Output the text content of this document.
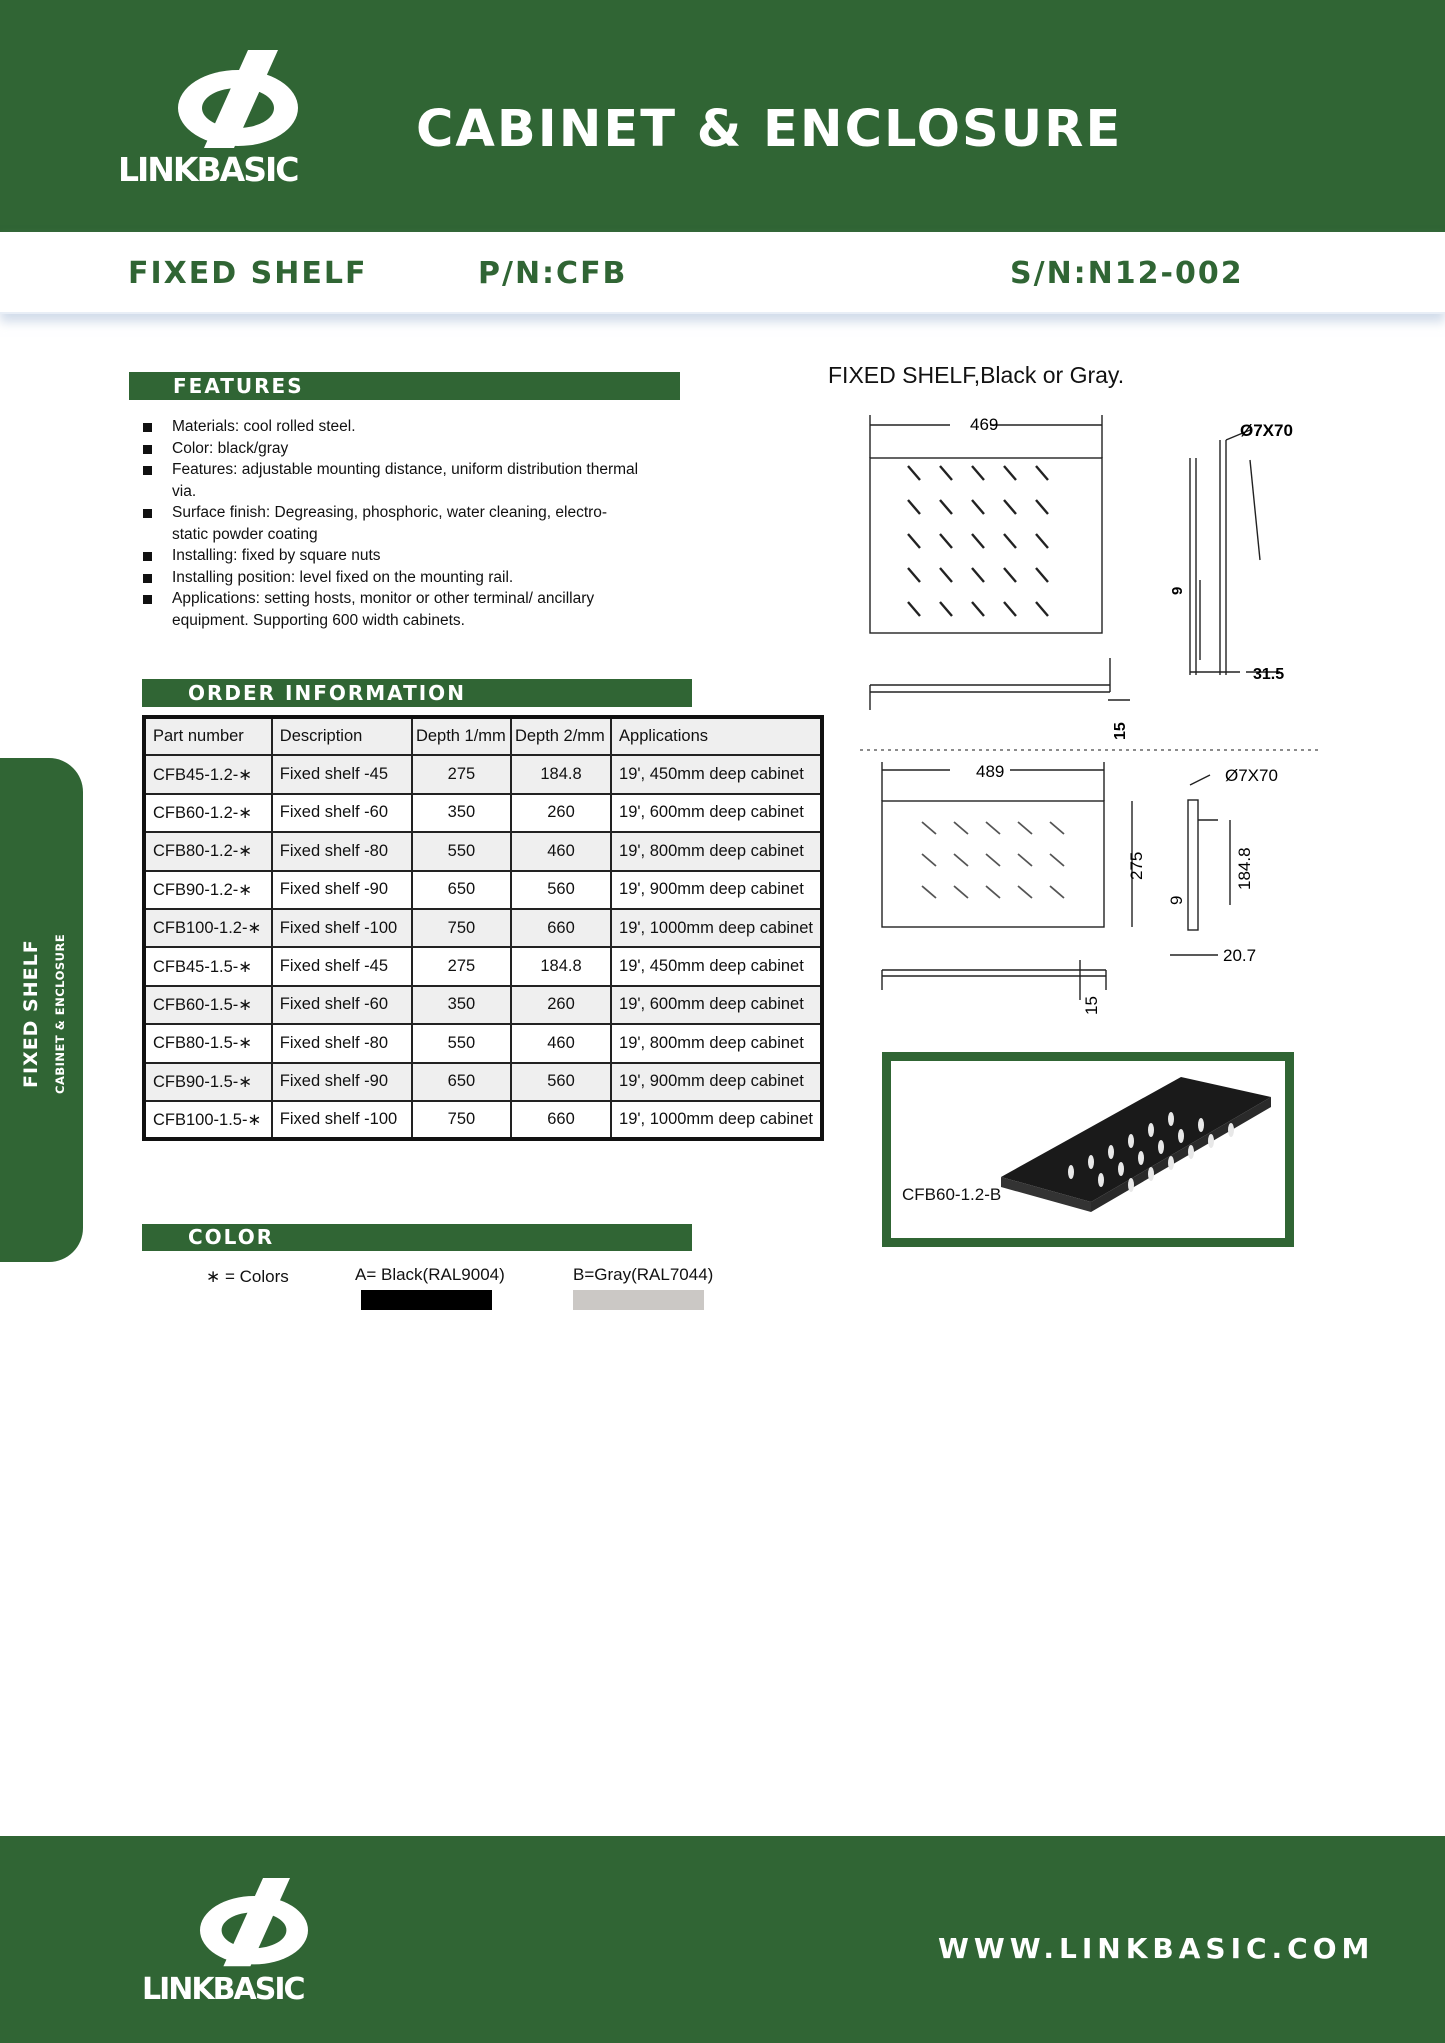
LINKBASIC
CABINET & ENCLOSURE
FIXED SHELF	P/N:CFB	S/N:N12-002
FIXED SHELF CABINET & ENCLOSURE
FEATURES
Materials: cool rolled steel.
Color: black/gray
Features: adjustable mounting distance, uniform distribution thermal via.
Surface finish: Degreasing, phosphoric, water cleaning, electro-static powder coating
Installing: fixed by square nuts
Installing position: level fixed on the mounting rail.
Applications: setting hosts, monitor or other terminal/ ancillary equipment. Supporting 600 width cabinets.
ORDER INFORMATION
Part number	Description	Depth 1/mm	Depth 2/mm	Applications
CFB45-1.2-∗	Fixed shelf -45	275	184.8	19', 450mm deep cabinet
CFB60-1.2-∗	Fixed shelf -60	350	260	19', 600mm deep cabinet
CFB80-1.2-∗	Fixed shelf -80	550	460	19', 800mm deep cabinet
CFB90-1.2-∗	Fixed shelf -90	650	560	19', 900mm deep cabinet
CFB100-1.2-∗	Fixed shelf -100	750	660	19', 1000mm deep cabinet
CFB45-1.5-∗	Fixed shelf -45	275	184.8	19', 450mm deep cabinet
CFB60-1.5-∗	Fixed shelf -60	350	260	19', 600mm deep cabinet
CFB80-1.5-∗	Fixed shelf -80	550	460	19', 800mm deep cabinet
CFB90-1.5-∗	Fixed shelf -90	650	560	19', 900mm deep cabinet
CFB100-1.5-∗	Fixed shelf -100	750	660	19', 1000mm deep cabinet
COLOR
∗ = Colors	A= Black(RAL9004)	B=Gray(RAL7044)
FIXED SHELF,Black or Gray.
469	Ø7X70
9
31.5
15
489	Ø7X70
275	184.8
9
20.7
15
CFB60-1.2-B
LINKBASIC
WWW.LINKBASIC.COM
